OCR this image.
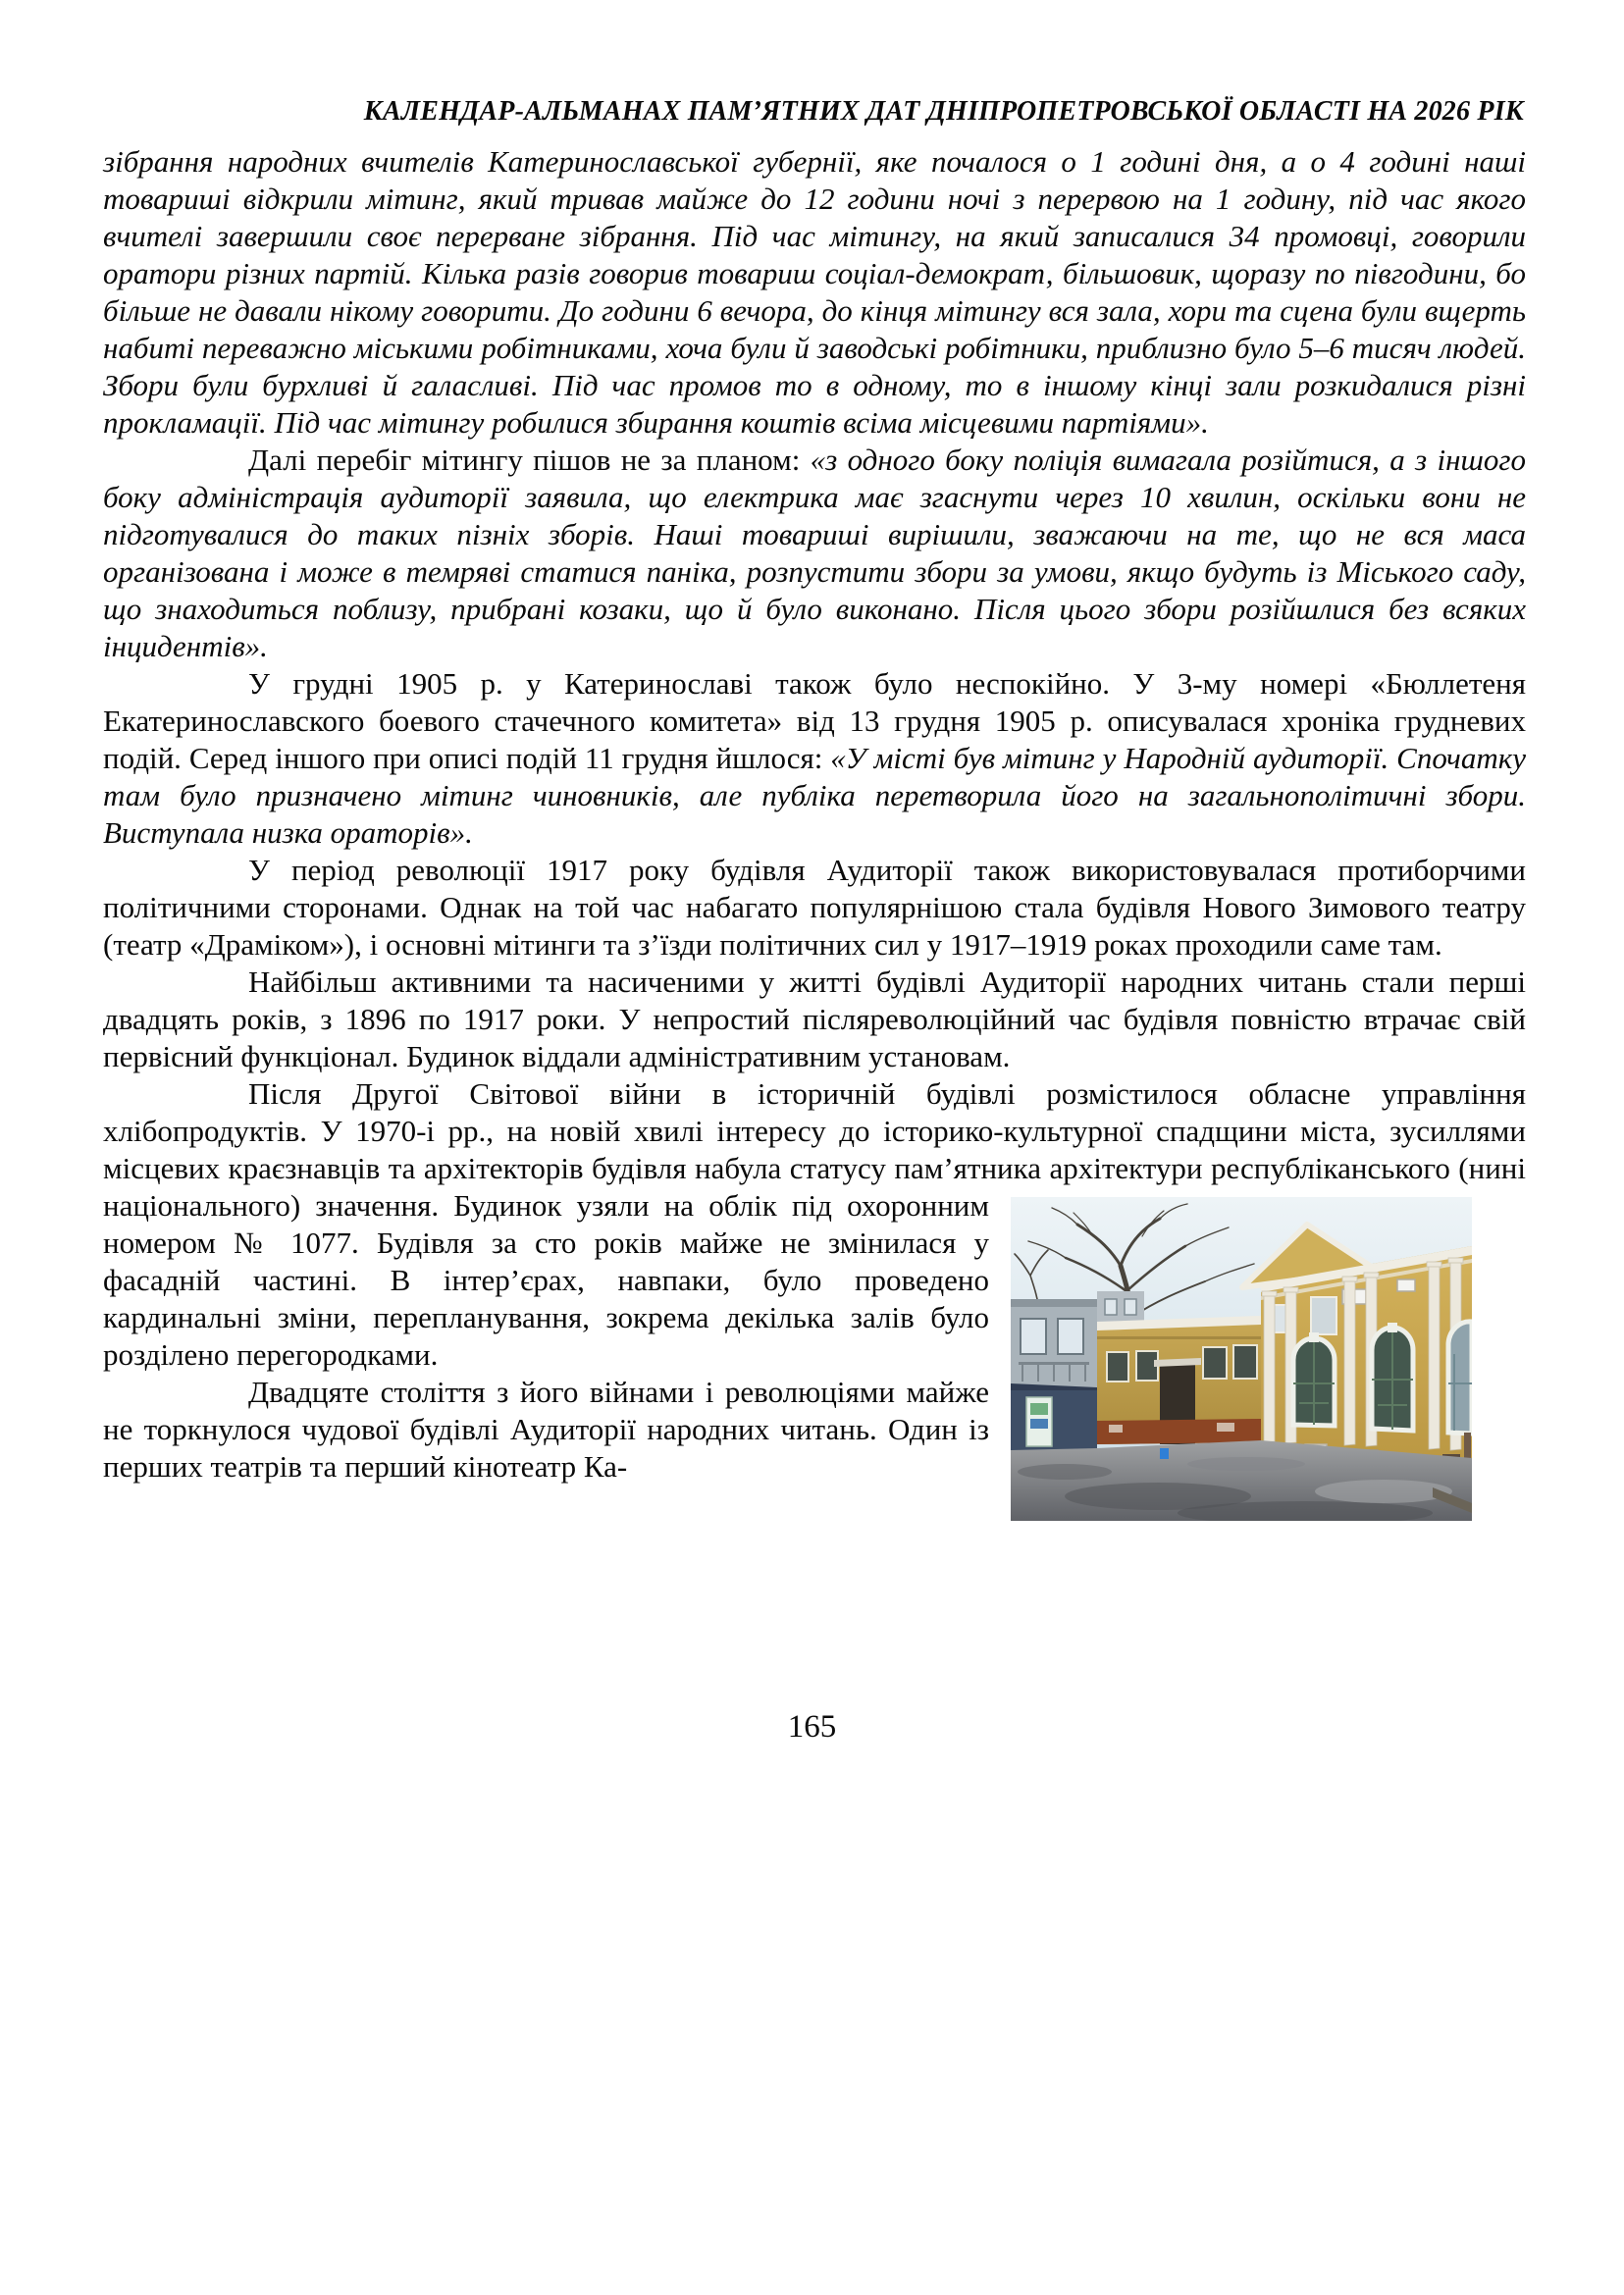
КАЛЕНДАР-АЛЬМАНАХ ПАМ’ЯТНИХ ДАТ ДНІПРОПЕТРОВСЬКОЇ ОБЛАСТІ НА 2026 РІК

зібрання народних вчителів Катеринославської губернії, яке почалося о 1 годині дня, а о 4 годині наші товариші відкрили мітинг, який тривав майже до 12 години ночі з перервою на 1 годину, під час якого вчителі завершили своє перерване зібрання. Під час мітингу, на який записалися 34 промовці, говорили оратори різних партій. Кілька разів говорив товариш соціал-демократ, більшовик, щоразу по півгодини, бо більше не давали нікому говорити. До години 6 вечора, до кінця мітингу вся зала, хори та сцена були вщерть набиті переважно міськими робітниками, хоча були й заводські робітники, приблизно було 5–6 тисяч людей. Збори були бурхливі й галасливі. Під час промов то в одному, то в іншому кінці зали розкидалися різні прокламації. Під час мітингу робилися збирання коштів всіма місцевими партіями».

Далі перебіг мітингу пішов не за планом: «з одного боку поліція вимагала розійтися, а з іншого боку адміністрація аудиторії заявила, що електрика має згаснути через 10 хвилин, оскільки вони не підготувалися до таких пізніх зборів. Наші товариші вирішили, зважаючи на те, що не вся маса організована і може в темряві статися паніка, розпустити збори за умови, якщо будуть із Міського саду, що знаходиться поблизу, прибрані козаки, що й було виконано. Після цього збори розійшлися без всяких інцидентів».

У грудні 1905 р. у Катеринославі також було неспокійно. У 3-му номері «Бюллетеня Екатеринославского боевого стачечного комитета» від 13 грудня 1905 р. описувалася хроніка грудневих подій. Серед іншого при описі подій 11 грудня йшлося: «У місті був мітинг у Народній аудиторії. Спочатку там було призначено мітинг чиновників, але публіка перетворила його на загальнополітичні збори. Виступала низка ораторів».

У період революції 1917 року будівля Аудиторії також використовувалася протиборчими політичними сторонами. Однак на той час набагато популярнішою стала будівля Нового Зимового театру (театр «Драміком»), і основні мітинги та з’їзди політичних сил у 1917–1919 роках проходили саме там.

Найбільш активними та насиченими у житті будівлі Аудиторії народних читань стали перші двадцять років, з 1896 по 1917 роки. У непростий післяреволюційний час будівля повністю втрачає свій первісний функціонал. Будинок віддали адміністративним установам.

Після Другої Світової війни в історичній будівлі розмістилося обласне управління хлібопродуктів. У 1970-і рр., на новій хвилі інтересу до історико-культурної спадщини міста, зусиллями місцевих краєзнавців та архітекторів будівля набула статусу пам’ятника архітектури республіканського (нині національного) значення.
Будинок узяли на облік під охоронним номером № 1077. Будівля за сто років майже не змінилася у фасадній частині. В інтер’єрах, навпаки, було проведено кардинальні зміни, перепланування, зокрема декілька залів було розділено перегородками.

Двадцяте століття з його війнами і революціями майже не торкнулося чудової будівлі Аудиторії народних читань. Один із перших театрів та перший кінотеатр Ка-

165
